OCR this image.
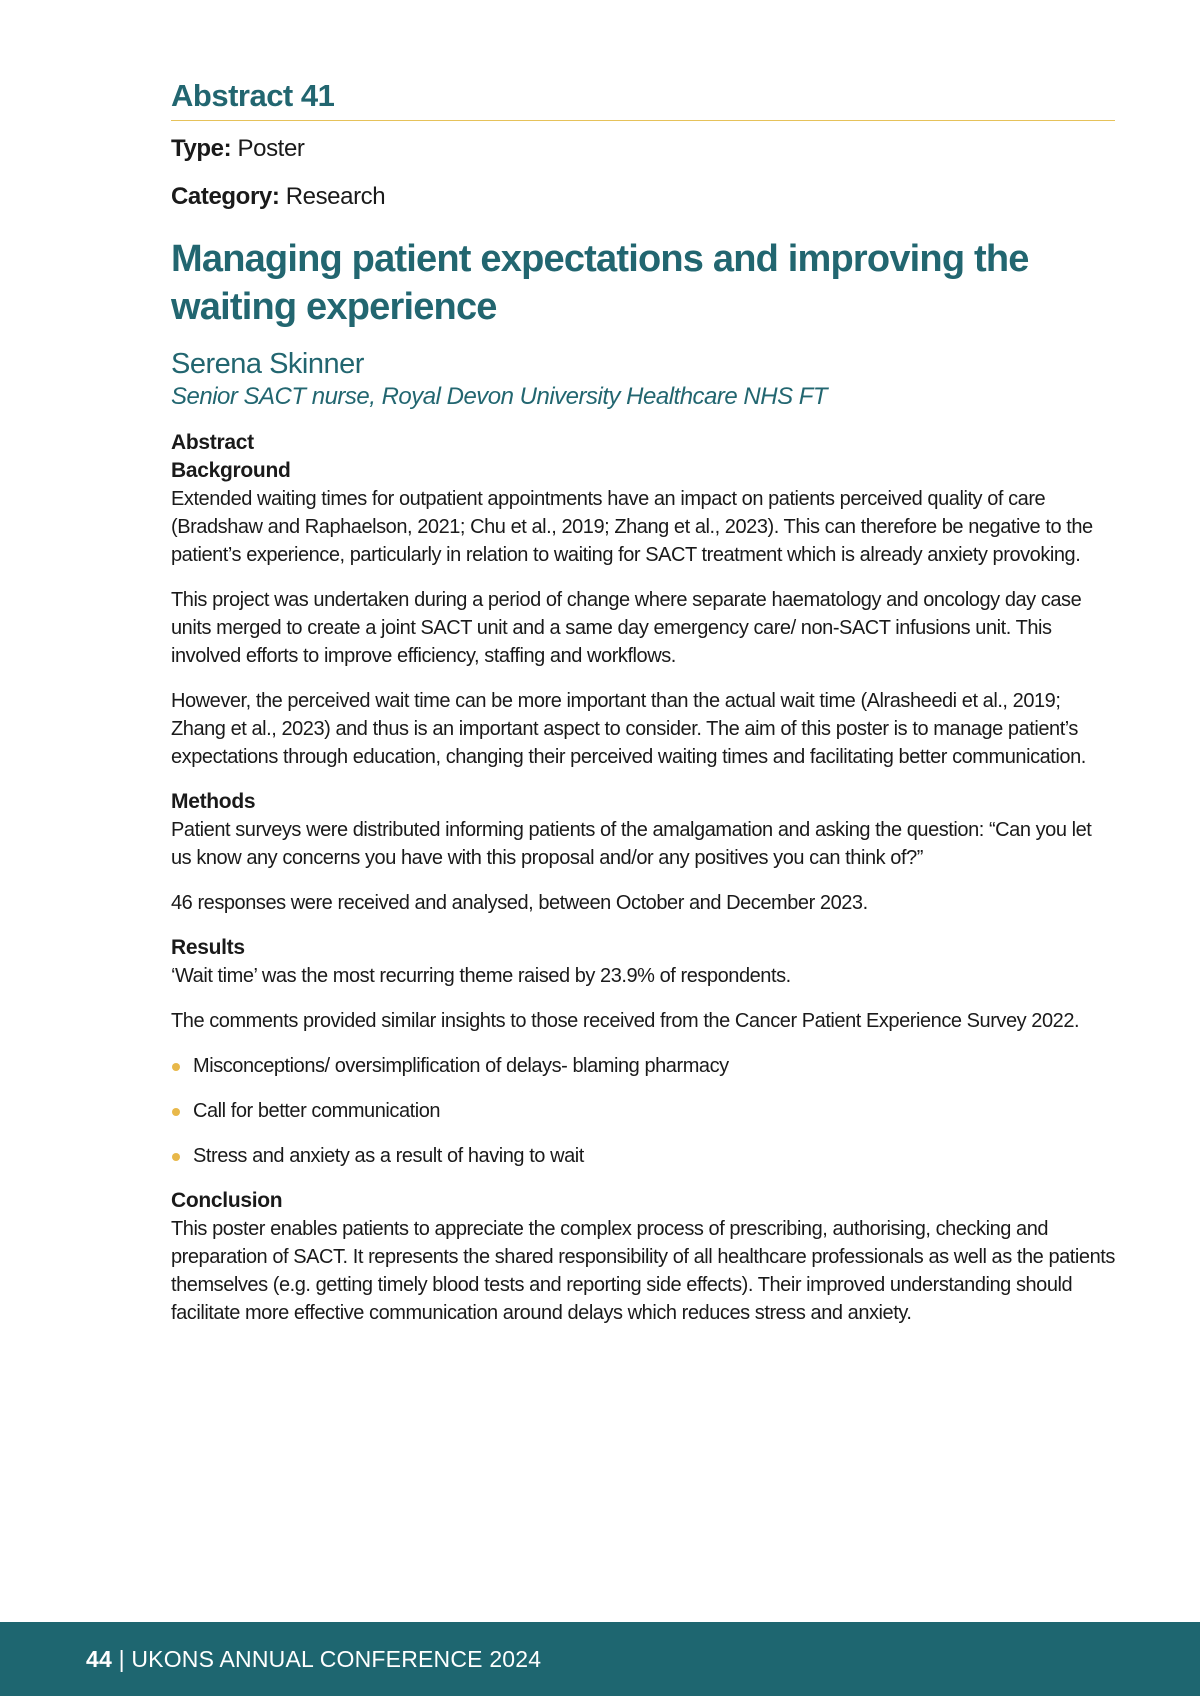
Abstract 41

Type: Poster

Category: Research

Managing patient expectations and improving the waiting experience

Serena Skinner

Senior SACT nurse, Royal Devon University Healthcare NHS FT

Abstract

Background

Extended waiting times for outpatient appointments have an impact on patients perceived quality of care (Bradshaw and Raphaelson, 2021; Chu et al., 2019; Zhang et al., 2023). This can therefore be negative to the patient’s experience, particularly in relation to waiting for SACT treatment which is already anxiety provoking.

This project was undertaken during a period of change where separate haematology and oncology day case units merged to create a joint SACT unit and a same day emergency care/ non-SACT infusions unit. This involved efforts to improve efficiency, staffing and workflows.

However, the perceived wait time can be more important than the actual wait time (Alrasheedi et al., 2019; Zhang et al., 2023) and thus is an important aspect to consider. The aim of this poster is to manage patient’s expectations through education, changing their perceived waiting times and facilitating better communication.

Methods

Patient surveys were distributed informing patients of the amalgamation and asking the question: “Can you let us know any concerns you have with this proposal and/or any positives you can think of?”

46 responses were received and analysed, between October and December 2023.

Results

‘Wait time’ was the most recurring theme raised by 23.9% of respondents.

The comments provided similar insights to those received from the Cancer Patient Experience Survey 2022.

Misconceptions/ oversimplification of delays- blaming pharmacy
Call for better communication
Stress and anxiety as a result of having to wait

Conclusion

This poster enables patients to appreciate the complex process of prescribing, authorising, checking and preparation of SACT. It represents the shared responsibility of all healthcare professionals as well as the patients themselves (e.g. getting timely blood tests and reporting side effects). Their improved understanding should facilitate more effective communication around delays which reduces stress and anxiety.

44 | UKONS ANNUAL CONFERENCE 2024
